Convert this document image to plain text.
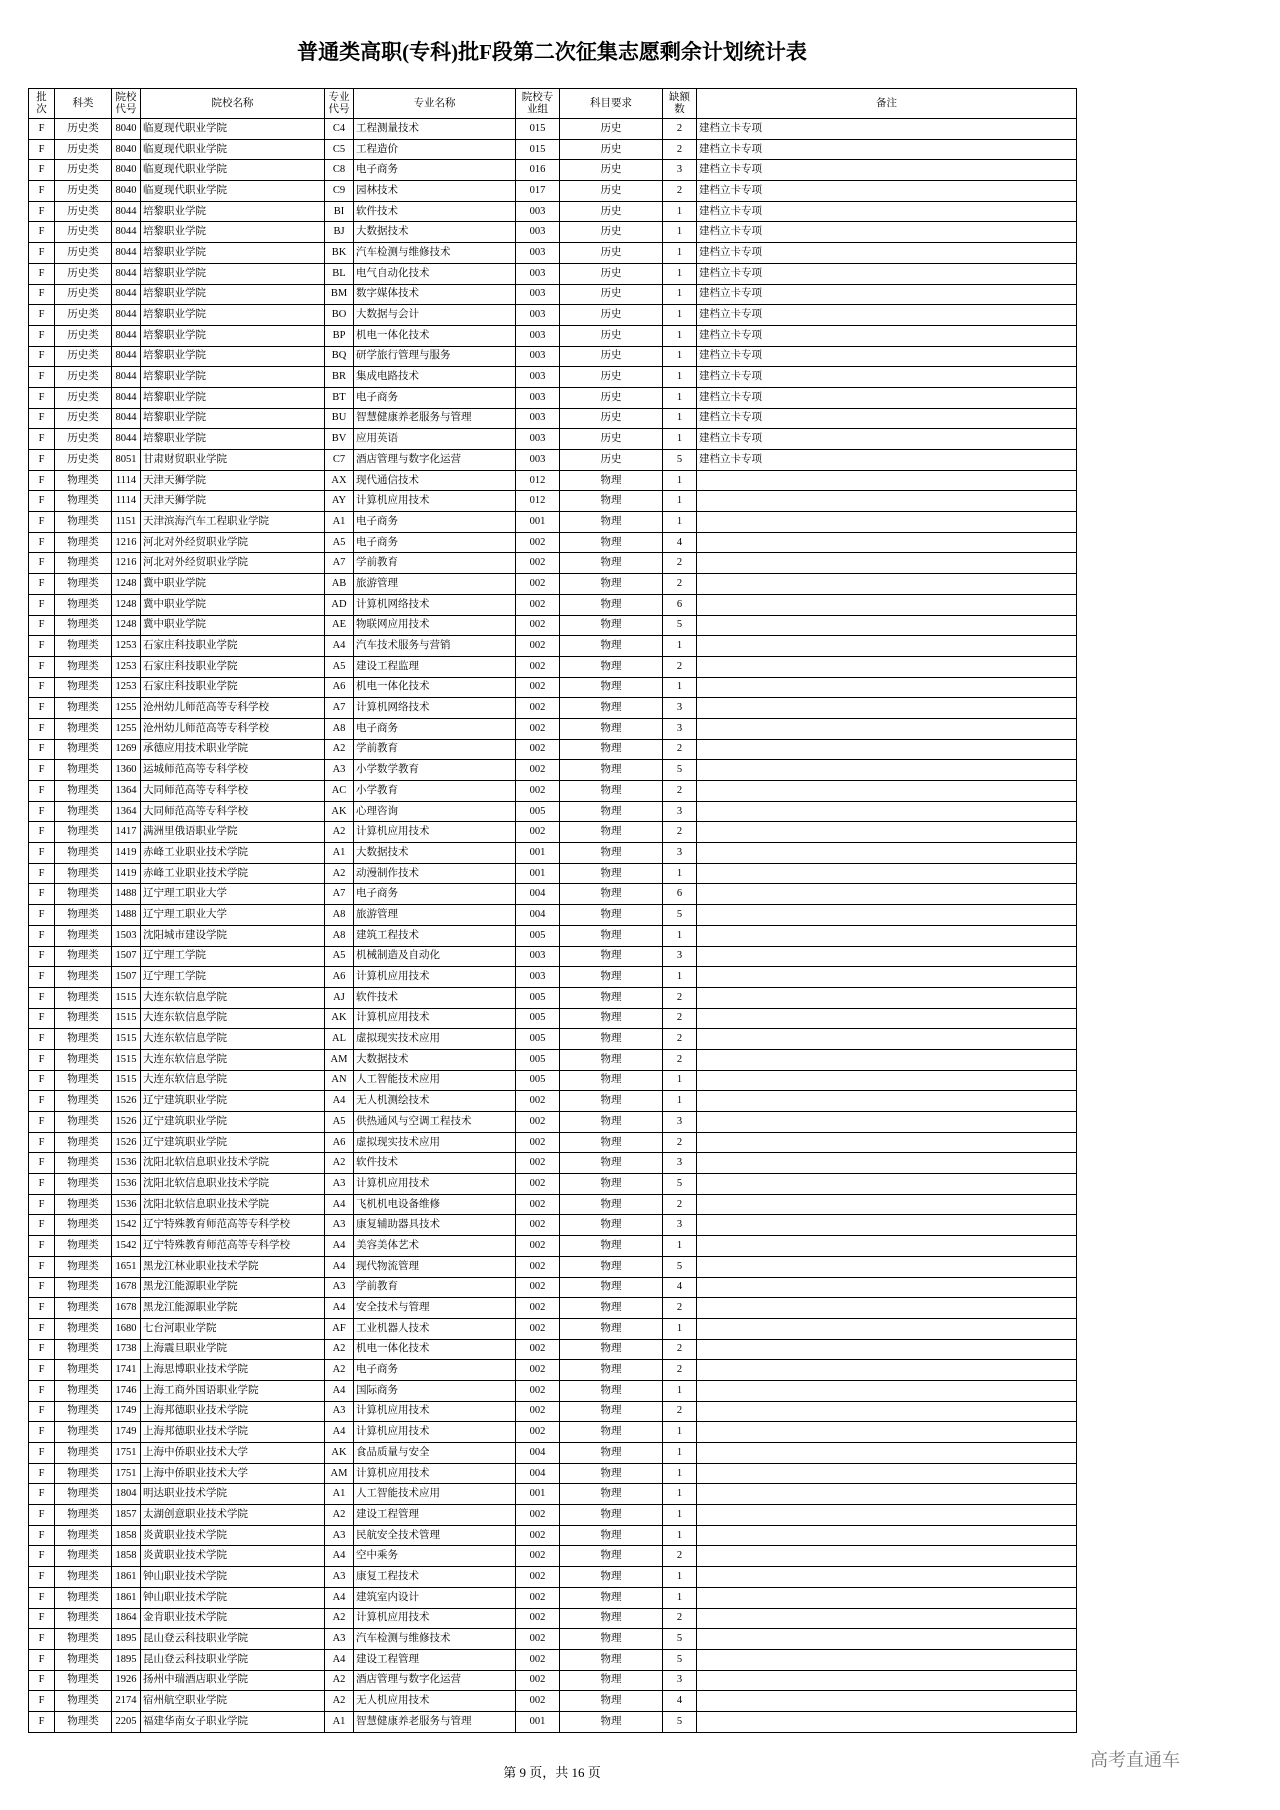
普通类高职(专科)批F段第二次征集志愿剩余计划统计表
批次	科类	院校代号	院校名称	专业代号	专业名称	院校专业组	科目要求	缺额数	备注
F	历史类	8040	临夏现代职业学院	C4	工程测量技术	015	历史	2	建档立卡专项
F	历史类	8040	临夏现代职业学院	C5	工程造价	015	历史	2	建档立卡专项
F	历史类	8040	临夏现代职业学院	C8	电子商务	016	历史	3	建档立卡专项
F	历史类	8040	临夏现代职业学院	C9	园林技术	017	历史	2	建档立卡专项
F	历史类	8044	培黎职业学院	BI	软件技术	003	历史	1	建档立卡专项
F	历史类	8044	培黎职业学院	BJ	大数据技术	003	历史	1	建档立卡专项
F	历史类	8044	培黎职业学院	BK	汽车检测与维修技术	003	历史	1	建档立卡专项
F	历史类	8044	培黎职业学院	BL	电气自动化技术	003	历史	1	建档立卡专项
F	历史类	8044	培黎职业学院	BM	数字媒体技术	003	历史	1	建档立卡专项
F	历史类	8044	培黎职业学院	BO	大数据与会计	003	历史	1	建档立卡专项
F	历史类	8044	培黎职业学院	BP	机电一体化技术	003	历史	1	建档立卡专项
F	历史类	8044	培黎职业学院	BQ	研学旅行管理与服务	003	历史	1	建档立卡专项
F	历史类	8044	培黎职业学院	BR	集成电路技术	003	历史	1	建档立卡专项
F	历史类	8044	培黎职业学院	BT	电子商务	003	历史	1	建档立卡专项
F	历史类	8044	培黎职业学院	BU	智慧健康养老服务与管理	003	历史	1	建档立卡专项
F	历史类	8044	培黎职业学院	BV	应用英语	003	历史	1	建档立卡专项
F	历史类	8051	甘肃财贸职业学院	C7	酒店管理与数字化运营	003	历史	5	建档立卡专项
F	物理类	1114	天津天狮学院	AX	现代通信技术	012	物理	1	
F	物理类	1114	天津天狮学院	AY	计算机应用技术	012	物理	1	
F	物理类	1151	天津滨海汽车工程职业学院	A1	电子商务	001	物理	1	
F	物理类	1216	河北对外经贸职业学院	A5	电子商务	002	物理	4	
F	物理类	1216	河北对外经贸职业学院	A7	学前教育	002	物理	2	
F	物理类	1248	冀中职业学院	AB	旅游管理	002	物理	2	
F	物理类	1248	冀中职业学院	AD	计算机网络技术	002	物理	6	
F	物理类	1248	冀中职业学院	AE	物联网应用技术	002	物理	5	
F	物理类	1253	石家庄科技职业学院	A4	汽车技术服务与营销	002	物理	1	
F	物理类	1253	石家庄科技职业学院	A5	建设工程监理	002	物理	2	
F	物理类	1253	石家庄科技职业学院	A6	机电一体化技术	002	物理	1	
F	物理类	1255	沧州幼儿师范高等专科学校	A7	计算机网络技术	002	物理	3	
F	物理类	1255	沧州幼儿师范高等专科学校	A8	电子商务	002	物理	3	
F	物理类	1269	承德应用技术职业学院	A2	学前教育	002	物理	2	
F	物理类	1360	运城师范高等专科学校	A3	小学数学教育	002	物理	5	
F	物理类	1364	大同师范高等专科学校	AC	小学教育	002	物理	2	
F	物理类	1364	大同师范高等专科学校	AK	心理咨询	005	物理	3	
F	物理类	1417	满洲里俄语职业学院	A2	计算机应用技术	002	物理	2	
F	物理类	1419	赤峰工业职业技术学院	A1	大数据技术	001	物理	3	
F	物理类	1419	赤峰工业职业技术学院	A2	动漫制作技术	001	物理	1	
F	物理类	1488	辽宁理工职业大学	A7	电子商务	004	物理	6	
F	物理类	1488	辽宁理工职业大学	A8	旅游管理	004	物理	5	
F	物理类	1503	沈阳城市建设学院	A8	建筑工程技术	005	物理	1	
F	物理类	1507	辽宁理工学院	A5	机械制造及自动化	003	物理	3	
F	物理类	1507	辽宁理工学院	A6	计算机应用技术	003	物理	1	
F	物理类	1515	大连东软信息学院	AJ	软件技术	005	物理	2	
F	物理类	1515	大连东软信息学院	AK	计算机应用技术	005	物理	2	
F	物理类	1515	大连东软信息学院	AL	虚拟现实技术应用	005	物理	2	
F	物理类	1515	大连东软信息学院	AM	大数据技术	005	物理	2	
F	物理类	1515	大连东软信息学院	AN	人工智能技术应用	005	物理	1	
F	物理类	1526	辽宁建筑职业学院	A4	无人机测绘技术	002	物理	1	
F	物理类	1526	辽宁建筑职业学院	A5	供热通风与空调工程技术	002	物理	3	
F	物理类	1526	辽宁建筑职业学院	A6	虚拟现实技术应用	002	物理	2	
F	物理类	1536	沈阳北软信息职业技术学院	A2	软件技术	002	物理	3	
F	物理类	1536	沈阳北软信息职业技术学院	A3	计算机应用技术	002	物理	5	
F	物理类	1536	沈阳北软信息职业技术学院	A4	飞机机电设备维修	002	物理	2	
F	物理类	1542	辽宁特殊教育师范高等专科学校	A3	康复辅助器具技术	002	物理	3	
F	物理类	1542	辽宁特殊教育师范高等专科学校	A4	美容美体艺术	002	物理	1	
F	物理类	1651	黑龙江林业职业技术学院	A4	现代物流管理	002	物理	5	
F	物理类	1678	黑龙江能源职业学院	A3	学前教育	002	物理	4	
F	物理类	1678	黑龙江能源职业学院	A4	安全技术与管理	002	物理	2	
F	物理类	1680	七台河职业学院	AF	工业机器人技术	002	物理	1	
F	物理类	1738	上海震旦职业学院	A2	机电一体化技术	002	物理	2	
F	物理类	1741	上海思博职业技术学院	A2	电子商务	002	物理	2	
F	物理类	1746	上海工商外国语职业学院	A4	国际商务	002	物理	1	
F	物理类	1749	上海邦德职业技术学院	A3	计算机应用技术	002	物理	2	
F	物理类	1749	上海邦德职业技术学院	A4	计算机应用技术	002	物理	1	
F	物理类	1751	上海中侨职业技术大学	AK	食品质量与安全	004	物理	1	
F	物理类	1751	上海中侨职业技术大学	AM	计算机应用技术	004	物理	1	
F	物理类	1804	明达职业技术学院	A1	人工智能技术应用	001	物理	1	
F	物理类	1857	太湖创意职业技术学院	A2	建设工程管理	002	物理	1	
F	物理类	1858	炎黄职业技术学院	A3	民航安全技术管理	002	物理	1	
F	物理类	1858	炎黄职业技术学院	A4	空中乘务	002	物理	2	
F	物理类	1861	钟山职业技术学院	A3	康复工程技术	002	物理	1	
F	物理类	1861	钟山职业技术学院	A4	建筑室内设计	002	物理	1	
F	物理类	1864	金肯职业技术学院	A2	计算机应用技术	002	物理	2	
F	物理类	1895	昆山登云科技职业学院	A3	汽车检测与维修技术	002	物理	5	
F	物理类	1895	昆山登云科技职业学院	A4	建设工程管理	002	物理	5	
F	物理类	1926	扬州中瑞酒店职业学院	A2	酒店管理与数字化运营	002	物理	3	
F	物理类	2174	宿州航空职业学院	A2	无人机应用技术	002	物理	4	
F	物理类	2205	福建华南女子职业学院	A1	智慧健康养老服务与管理	001	物理	5	
第 9 页，共 16 页
高考直通车
